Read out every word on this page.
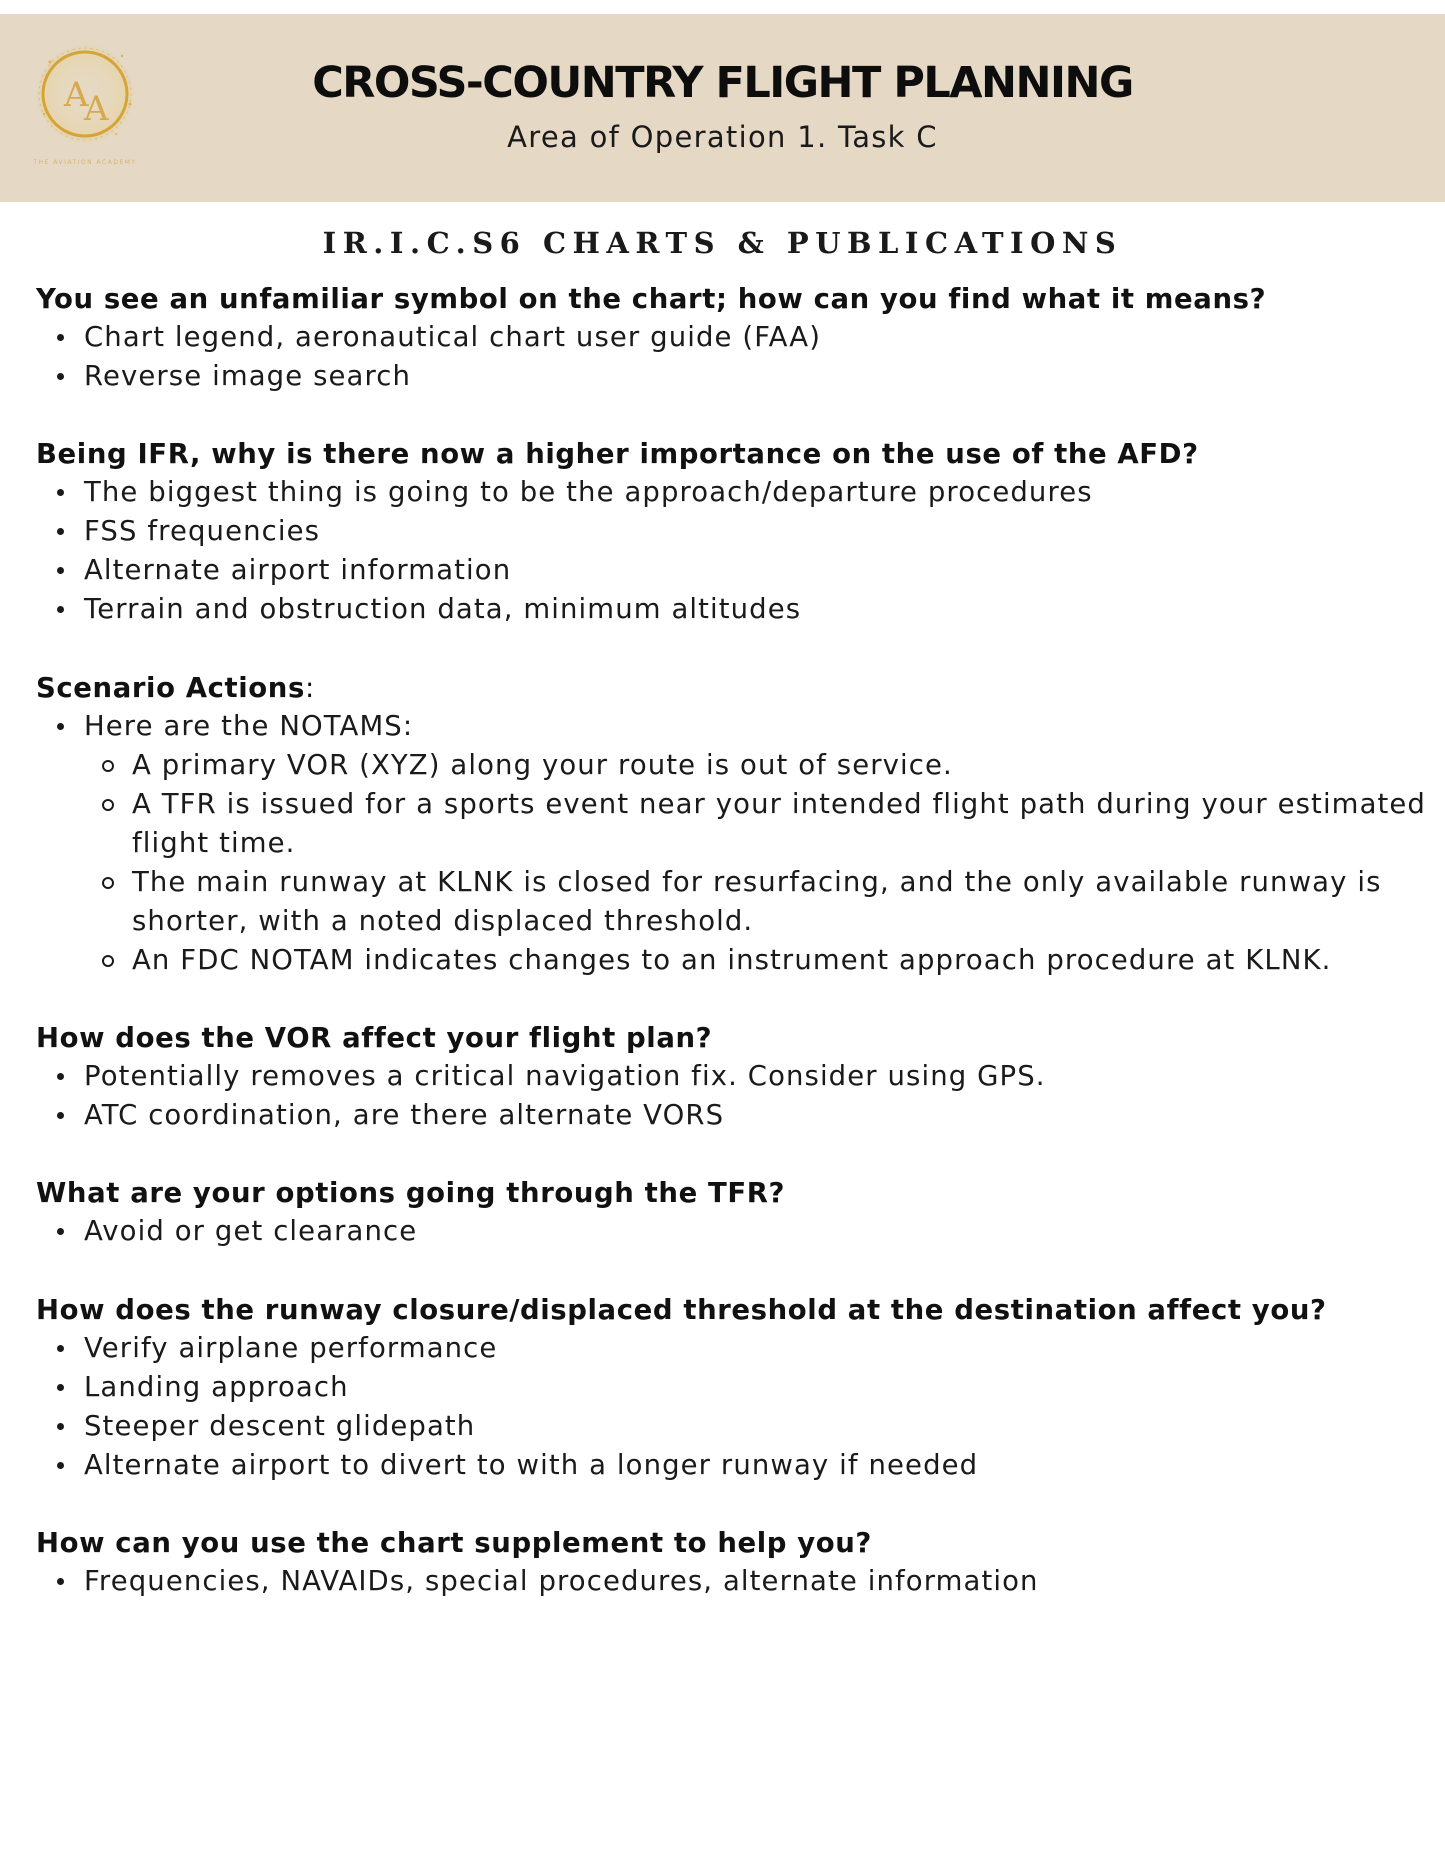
A
A
THE AVIATION ACADEMY
CROSS-COUNTRY FLIGHT PLANNING
Area of Operation 1. Task C
IR.I.C.S6 CHARTS & PUBLICATIONS
You see an unfamiliar symbol on the chart; how can you find what it means?
Chart legend, aeronautical chart user guide (FAA)
Reverse image search
Being IFR, why is there now a higher importance on the use of the AFD?
The biggest thing is going to be the approach/departure procedures
FSS frequencies
Alternate airport information
Terrain and obstruction data, minimum altitudes
Scenario Actions:
Here are the NOTAMS:
A primary VOR (XYZ) along your route is out of service.
A TFR is issued for a sports event near your intended flight path during your estimated flight time.
The main runway at KLNK is closed for resurfacing, and the only available runway is shorter, with a noted displaced threshold.
An FDC NOTAM indicates changes to an instrument approach procedure at KLNK.
How does the VOR affect your flight plan?
Potentially removes a critical navigation fix. Consider using GPS.
ATC coordination, are there alternate VORS
What are your options going through the TFR?
Avoid or get clearance
How does the runway closure/displaced threshold at the destination affect you?
Verify airplane performance
Landing approach
Steeper descent glidepath
Alternate airport to divert to with a longer runway if needed
How can you use the chart supplement to help you?
Frequencies, NAVAIDs, special procedures, alternate information
